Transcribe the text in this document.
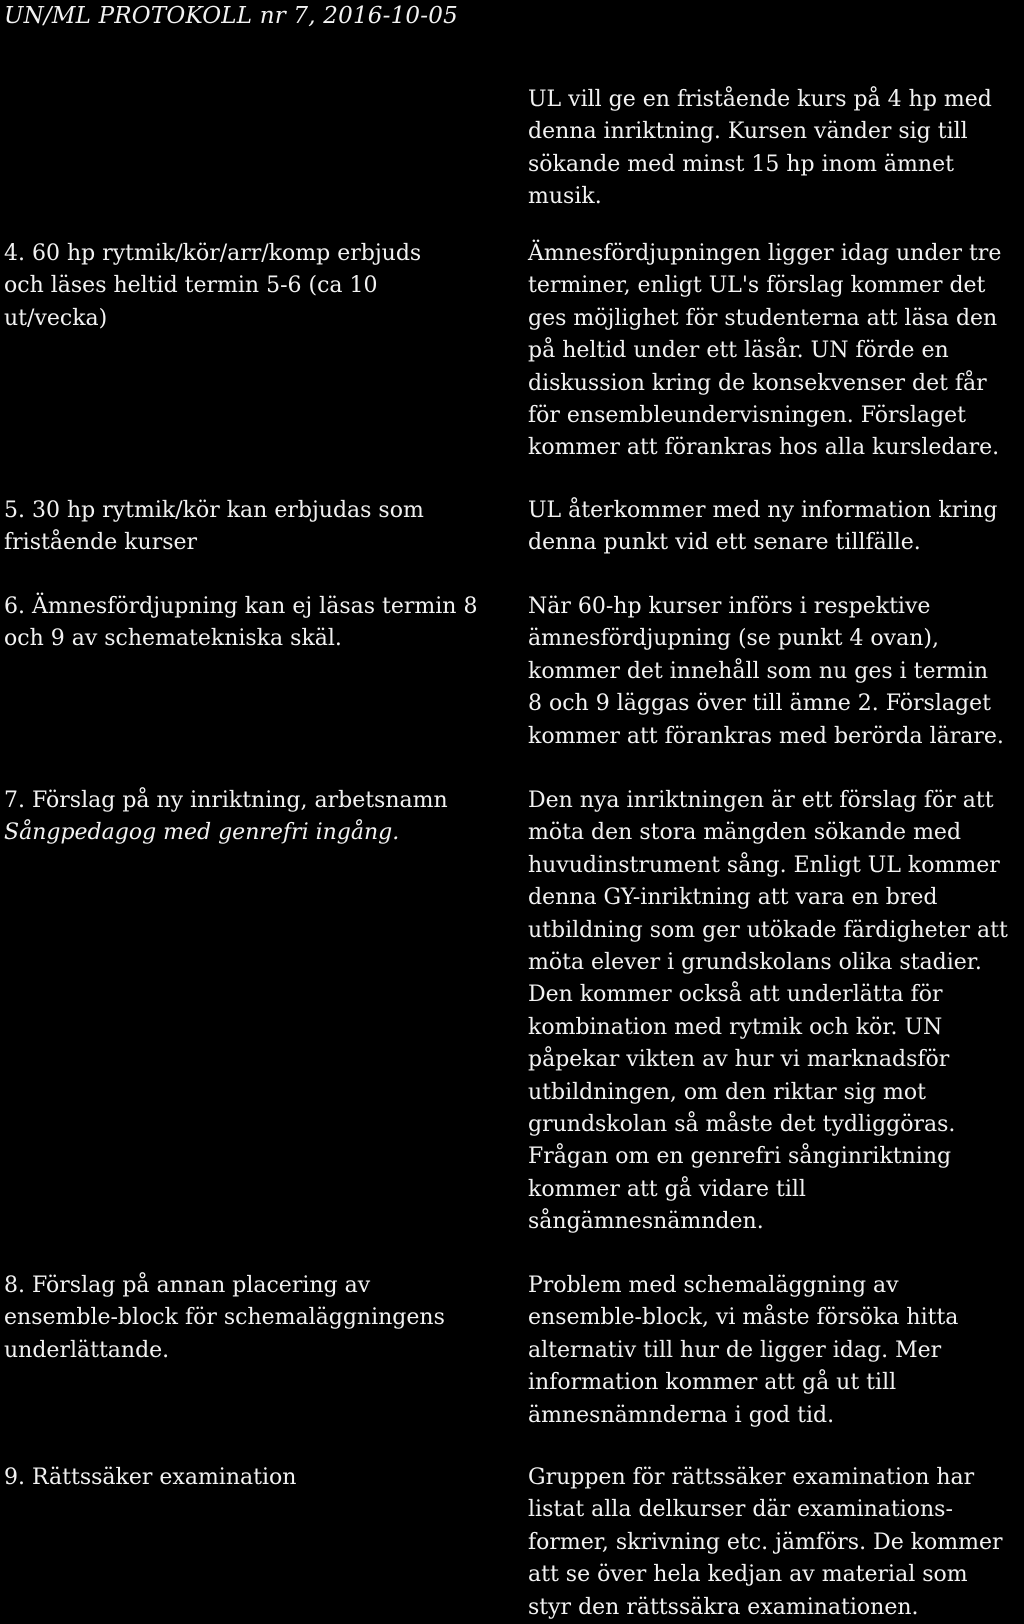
UN/ML PROTOKOLL nr 7, 2016-10-05
UL vill ge en fristående kurs på 4 hp med
denna inriktning. Kursen vänder sig till
sökande med minst 15 hp inom ämnet
musik.
4. 60 hp rytmik/kör/arr/komp erbjuds
och läses heltid termin 5-6 (ca 10
ut/vecka)
Ämnesfördjupningen ligger idag under tre
terminer, enligt UL's förslag kommer det
ges möjlighet för studenterna att läsa den
på heltid under ett läsår. UN förde en
diskussion kring de konsekvenser det får
för ensembleundervisningen. Förslaget
kommer att förankras hos alla kursledare.
5. 30 hp rytmik/kör kan erbjudas som
fristående kurser
UL återkommer med ny information kring
denna punkt vid ett senare tillfälle.
6. Ämnesfördjupning kan ej läsas termin 8
och 9 av schematekniska skäl.
När 60-hp kurser införs i respektive
ämnesfördjupning (se punkt 4 ovan),
kommer det innehåll som nu ges i termin
8 och 9 läggas över till ämne 2. Förslaget
kommer att förankras med berörda lärare.
7. Förslag på ny inriktning, arbetsnamn
Sångpedagog med genrefri ingång.
Den nya inriktningen är ett förslag för att
möta den stora mängden sökande med
huvudinstrument sång. Enligt UL kommer
denna GY-inriktning att vara en bred
utbildning som ger utökade färdigheter att
möta elever i grundskolans olika stadier.
Den kommer också att underlätta för
kombination med rytmik och kör. UN
påpekar vikten av hur vi marknadsför
utbildningen, om den riktar sig mot
grundskolan så måste det tydliggöras.
Frågan om en genrefri sånginriktning
kommer att gå vidare till
sångämnesnämnden.
8. Förslag på annan placering av
ensemble-block för schemaläggningens
underlättande.
Problem med schemaläggning av
ensemble-block, vi måste försöka hitta
alternativ till hur de ligger idag. Mer
information kommer att gå ut till
ämnesnämnderna i god tid.
9. Rättssäker examination	Gruppen för rättssäker examination har
listat alla delkurser där examinations-
former, skrivning etc. jämförs. De kommer
att se över hela kedjan av material som
styr den rättssäkra examinationen.
